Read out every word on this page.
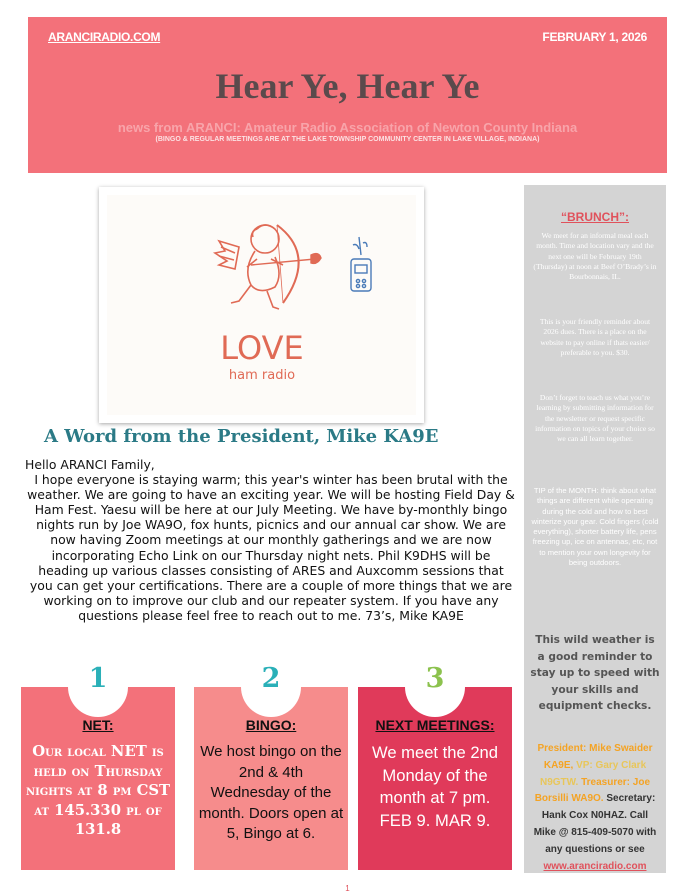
ARANCIRADIO.COM	FEBRUARY 1, 2026
Hear Ye, Hear Ye
news from ARANCI: Amateur Radio Association of Newton County Indiana
(BINGO & REGULAR MEETINGS ARE AT THE LAKE TOWNSHIP COMMUNITY CENTER IN LAKE VILLAGE, INDIANA)
LOVE
ham radio
A Word from the President, Mike KA9E
Hello ARANCI Family,
I hope everyone is staying warm; this year's winter has been brutal with the weather. We are going to have an exciting year. We will be hosting Field Day & Ham Fest. Yaesu will be here at our July Meeting. We have by-monthly bingo nights run by Joe WA9O, fox hunts, picnics and our annual car show. We are now having Zoom meetings at our monthly gatherings and we are now incorporating Echo Link on our Thursday night nets. Phil K9DHS will be heading up various classes consisting of ARES and Auxcomm sessions that you can get your certifications. There are a couple of more things that we are working on to improve our club and our repeater system. If you have any questions please feel free to reach out to me. 73’s, Mike KA9E
“BRUNCH”:
We meet for an informal meal each month. Time and location vary and the next one will be February 19th (Thursday) at noon at Beef O’Brady’s in Bourbonnais, IL.
This is your friendly reminder about 2026 dues. There is a place on the website to pay online if thats easier/ preferable to you. $30.
Don’t forget to teach us what you’re learning by submitting information for the newsletter or request specific information on topics of your choice so we can all learn together.
TIP of the MONTH: think about what things are different while operating during the cold and how to best winterize your gear. Cold fingers (cold everything), shorter battery life, pens freezing up, ice on antennas, etc, not to mention your own longevity for being outdoors.
This wild weather is a good reminder to stay up to speed with your skills and equipment checks.
President: Mike Swaider KA9E, VP: Gary Clark N9GTW. Treasurer: Joe Borsilli WA9O. Secretary: Hank Cox N0HAZ. Call Mike @ 815-409-5070 with any questions or see
www.aranciradio.com
NET:
Our local NET is held on Thursday nights at 8 pm CST at 145.330 pl of 131.8
1
BINGO:
We host bingo on the 2nd & 4th Wednesday of the month. Doors open at 5, Bingo at 6.
2
NEXT MEETINGS:
We meet the 2nd Monday of the month at 7 pm. FEB 9. MAR 9.
3
1
